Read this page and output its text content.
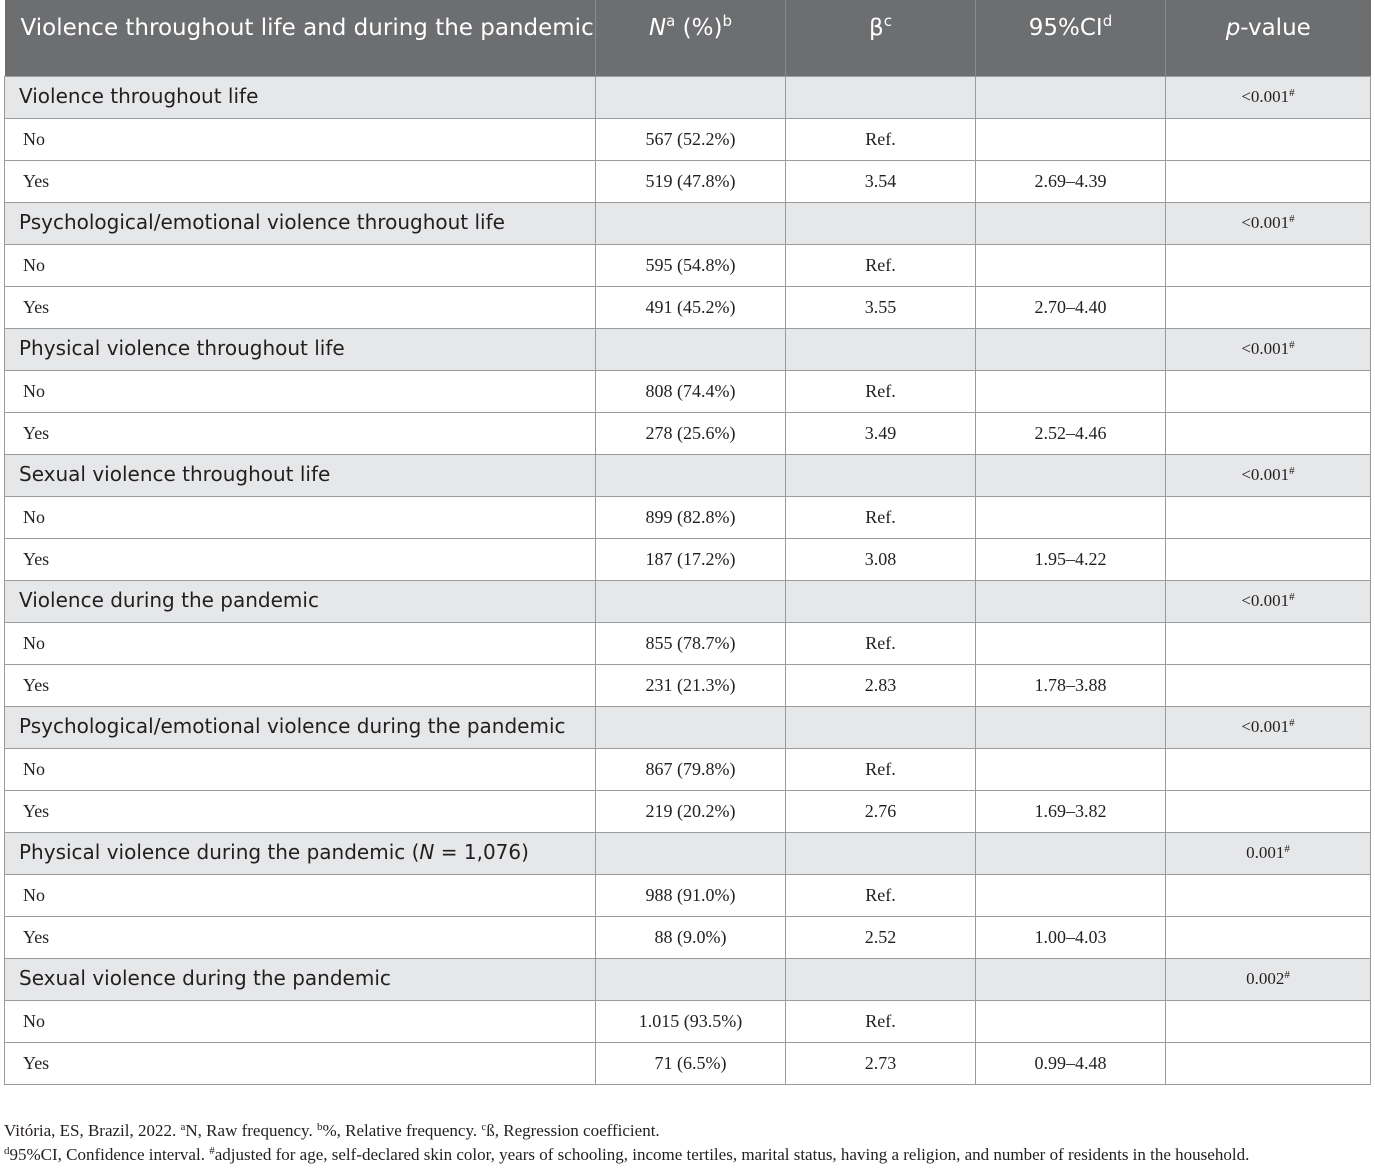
Violence throughout life and during the pandemic	$N^a$ (%)$^b$	$\beta^c$	$95\%CI^d$	p-value
Violence throughout life				<0.001#
No	567 (52.2%)	Ref.		
Yes	519 (47.8%)	3.54	2.69–4.39	
Psychological/emotional violence throughout life				<0.001#
No	595 (54.8%)	Ref.		
Yes	491 (45.2%)	3.55	2.70–4.40	
Physical violence throughout life				<0.001#
No	808 (74.4%)	Ref.		
Yes	278 (25.6%)	3.49	2.52–4.46	
Sexual violence throughout life				<0.001#
No	899 (82.8%)	Ref.		
Yes	187 (17.2%)	3.08	1.95–4.22	
Violence during the pandemic				<0.001#
No	855 (78.7%)	Ref.		
Yes	231 (21.3%)	2.83	1.78–3.88	
Psychological/emotional violence during the pandemic				<0.001#
No	867 (79.8%)	Ref.		
Yes	219 (20.2%)	2.76	1.69–3.82	
Physical violence during the pandemic (N = 1,076)				0.001#
No	988 (91.0%)	Ref.		
Yes	88 (9.0%)	2.52	1.00–4.03	
Sexual violence during the pandemic				0.002#
No	1.015 (93.5%)	Ref.		
Yes	71 (6.5%)	2.73	0.99–4.48	
Vitória, ES, Brazil, 2022. $^a$N, Raw frequency. $^b$%, Relative frequency. $^c$ß, Regression coefficient.
$^d$95%CI, Confidence interval. #adjusted for age, self-declared skin color, years of schooling, income tertiles, marital status, having a religion, and number of residents in the household.
